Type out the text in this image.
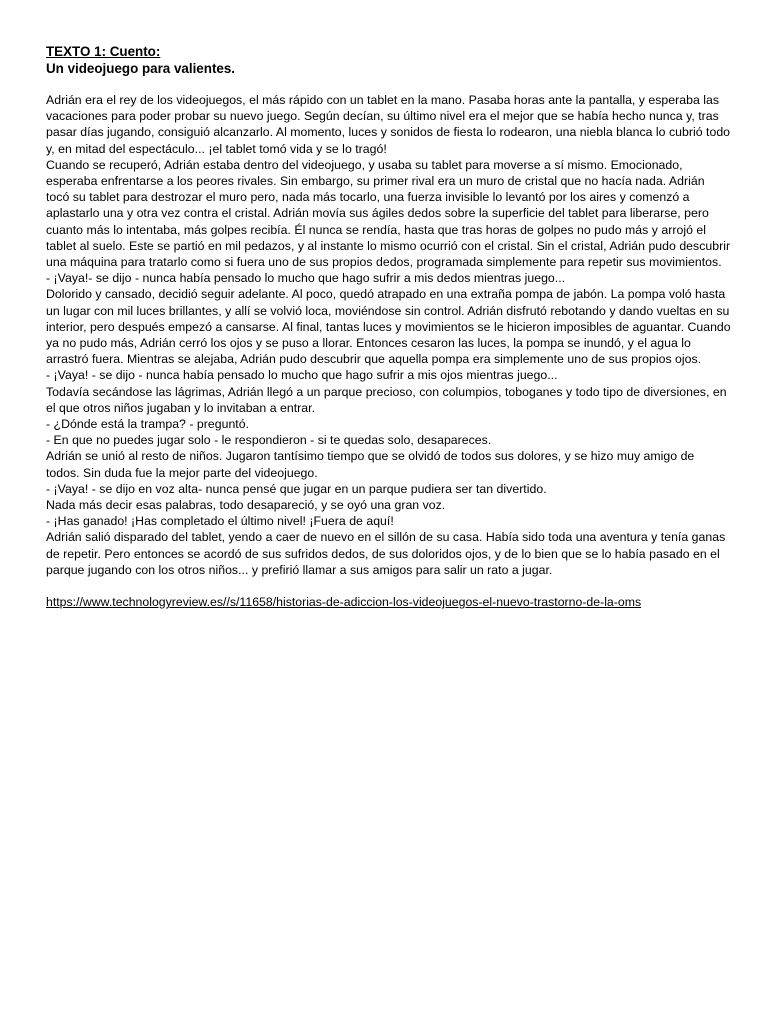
TEXTO 1: Cuento:

Un videojuego para valientes.

Adrián era el rey de los videojuegos, el más rápido con un tablet en la mano. Pasaba horas ante la pantalla, y esperaba las vacaciones para poder probar su nuevo juego. Según decían, su último nivel era el mejor que se había hecho nunca y, tras pasar días jugando, consiguió alcanzarlo. Al momento, luces y sonidos de fiesta lo rodearon, una niebla blanca lo cubrió todo y, en mitad del espectáculo... ¡el tablet tomó vida y se lo tragó!

Cuando se recuperó, Adrián estaba dentro del videojuego, y usaba su tablet para moverse a sí mismo. Emocionado, esperaba enfrentarse a los peores rivales. Sin embargo, su primer rival era un muro de cristal que no hacía nada. Adrián tocó su tablet para destrozar el muro pero, nada más tocarlo, una fuerza invisible lo levantó por los aires y comenzó a aplastarlo una y otra vez contra el cristal. Adrián movía sus ágiles dedos sobre la superficie del tablet para liberarse, pero cuanto más lo intentaba, más golpes recibía. Él nunca se rendía, hasta que tras horas de golpes no pudo más y arrojó el tablet al suelo. Este se partió en mil pedazos, y al instante lo mismo ocurrió con el cristal. Sin el cristal, Adrián pudo descubrir una máquina para tratarlo como si fuera uno de sus propios dedos, programada simplemente para repetir sus movimientos.

- ¡Vaya!- se dijo - nunca había pensado lo mucho que hago sufrir a mis dedos mientras juego...

Dolorido y cansado, decidió seguir adelante. Al poco, quedó atrapado en una extraña pompa de jabón. La pompa voló hasta un lugar con mil luces brillantes, y allí se volvió loca, moviéndose sin control. Adrián disfrutó rebotando y dando vueltas en su interior, pero después empezó a cansarse. Al final, tantas luces y movimientos se le hicieron imposibles de aguantar. Cuando ya no pudo más, Adrián cerró los ojos y se puso a llorar. Entonces cesaron las luces, la pompa se inundó, y el agua lo arrastró fuera. Mientras se alejaba, Adrián pudo descubrir que aquella pompa era simplemente uno de sus propios ojos.

- ¡Vaya! - se dijo - nunca había pensado lo mucho que hago sufrir a mis ojos mientras juego...

Todavía secándose las lágrimas, Adrián llegó a un parque precioso, con columpios, toboganes y todo tipo de diversiones, en el que otros niños jugaban y lo invitaban a entrar.

- ¿Dónde está la trampa? - preguntó.

- En que no puedes jugar solo - le respondieron - si te quedas solo, desapareces.

Adrián se unió al resto de niños. Jugaron tantísimo tiempo que se olvidó de todos sus dolores, y se hizo muy amigo de todos. Sin duda fue la mejor parte del videojuego.

- ¡Vaya! - se dijo en voz alta- nunca pensé que jugar en un parque pudiera ser tan divertido.

Nada más decir esas palabras, todo desapareció, y se oyó una gran voz.

- ¡Has ganado! ¡Has completado el último nivel! ¡Fuera de aquí!

Adrián salió disparado del tablet, yendo a caer de nuevo en el sillón de su casa. Había sido toda una aventura y tenía ganas de repetir. Pero entonces se acordó de sus sufridos dedos, de sus doloridos ojos, y de lo bien que se lo había pasado en el parque jugando con los otros niños... y prefirió llamar a sus amigos para salir un rato a jugar.

https://www.technologyreview.es//s/11658/historias-de-adiccion-los-videojuegos-el-nuevo-trastorno-de-la-oms
